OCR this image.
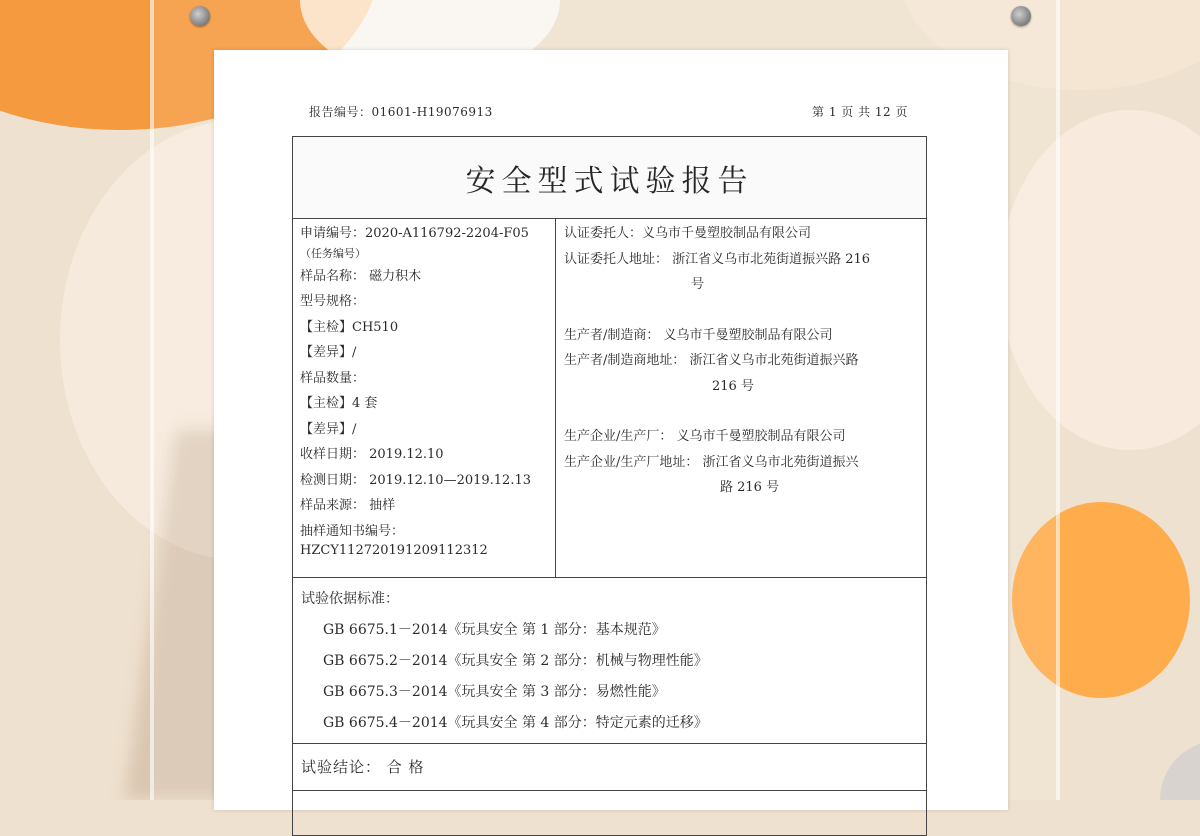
报告编号：01601-H19076913	第 1 页 共 12 页
安全型式试验报告
申请编号：2020-A116792-2204-F05
（任务编号）
样品名称： 磁力积木
型号规格：
【主检】CH510
【差异】/
样品数量：
【主检】4 套
【差异】/
收样日期： 2019.12.10
检测日期： 2019.12.10—2019.12.13
样品来源： 抽样
抽样通知书编号：
HZCY112720191209112312
认证委托人：义乌市千曼塑胶制品有限公司
认证委托人地址： 浙江省义乌市北苑街道振兴路 216
号
生产者/制造商： 义乌市千曼塑胶制品有限公司
生产者/制造商地址： 浙江省义乌市北苑街道振兴路
216 号
生产企业/生产厂： 义乌市千曼塑胶制品有限公司
生产企业/生产厂地址： 浙江省义乌市北苑街道振兴
路 216 号
试验依据标准：
GB 6675.1－2014《玩具安全 第 1 部分：基本规范》
GB 6675.2－2014《玩具安全 第 2 部分：机械与物理性能》
GB 6675.3－2014《玩具安全 第 3 部分：易燃性能》
GB 6675.4－2014《玩具安全 第 4 部分：特定元素的迁移》
试验结论： 合 格
